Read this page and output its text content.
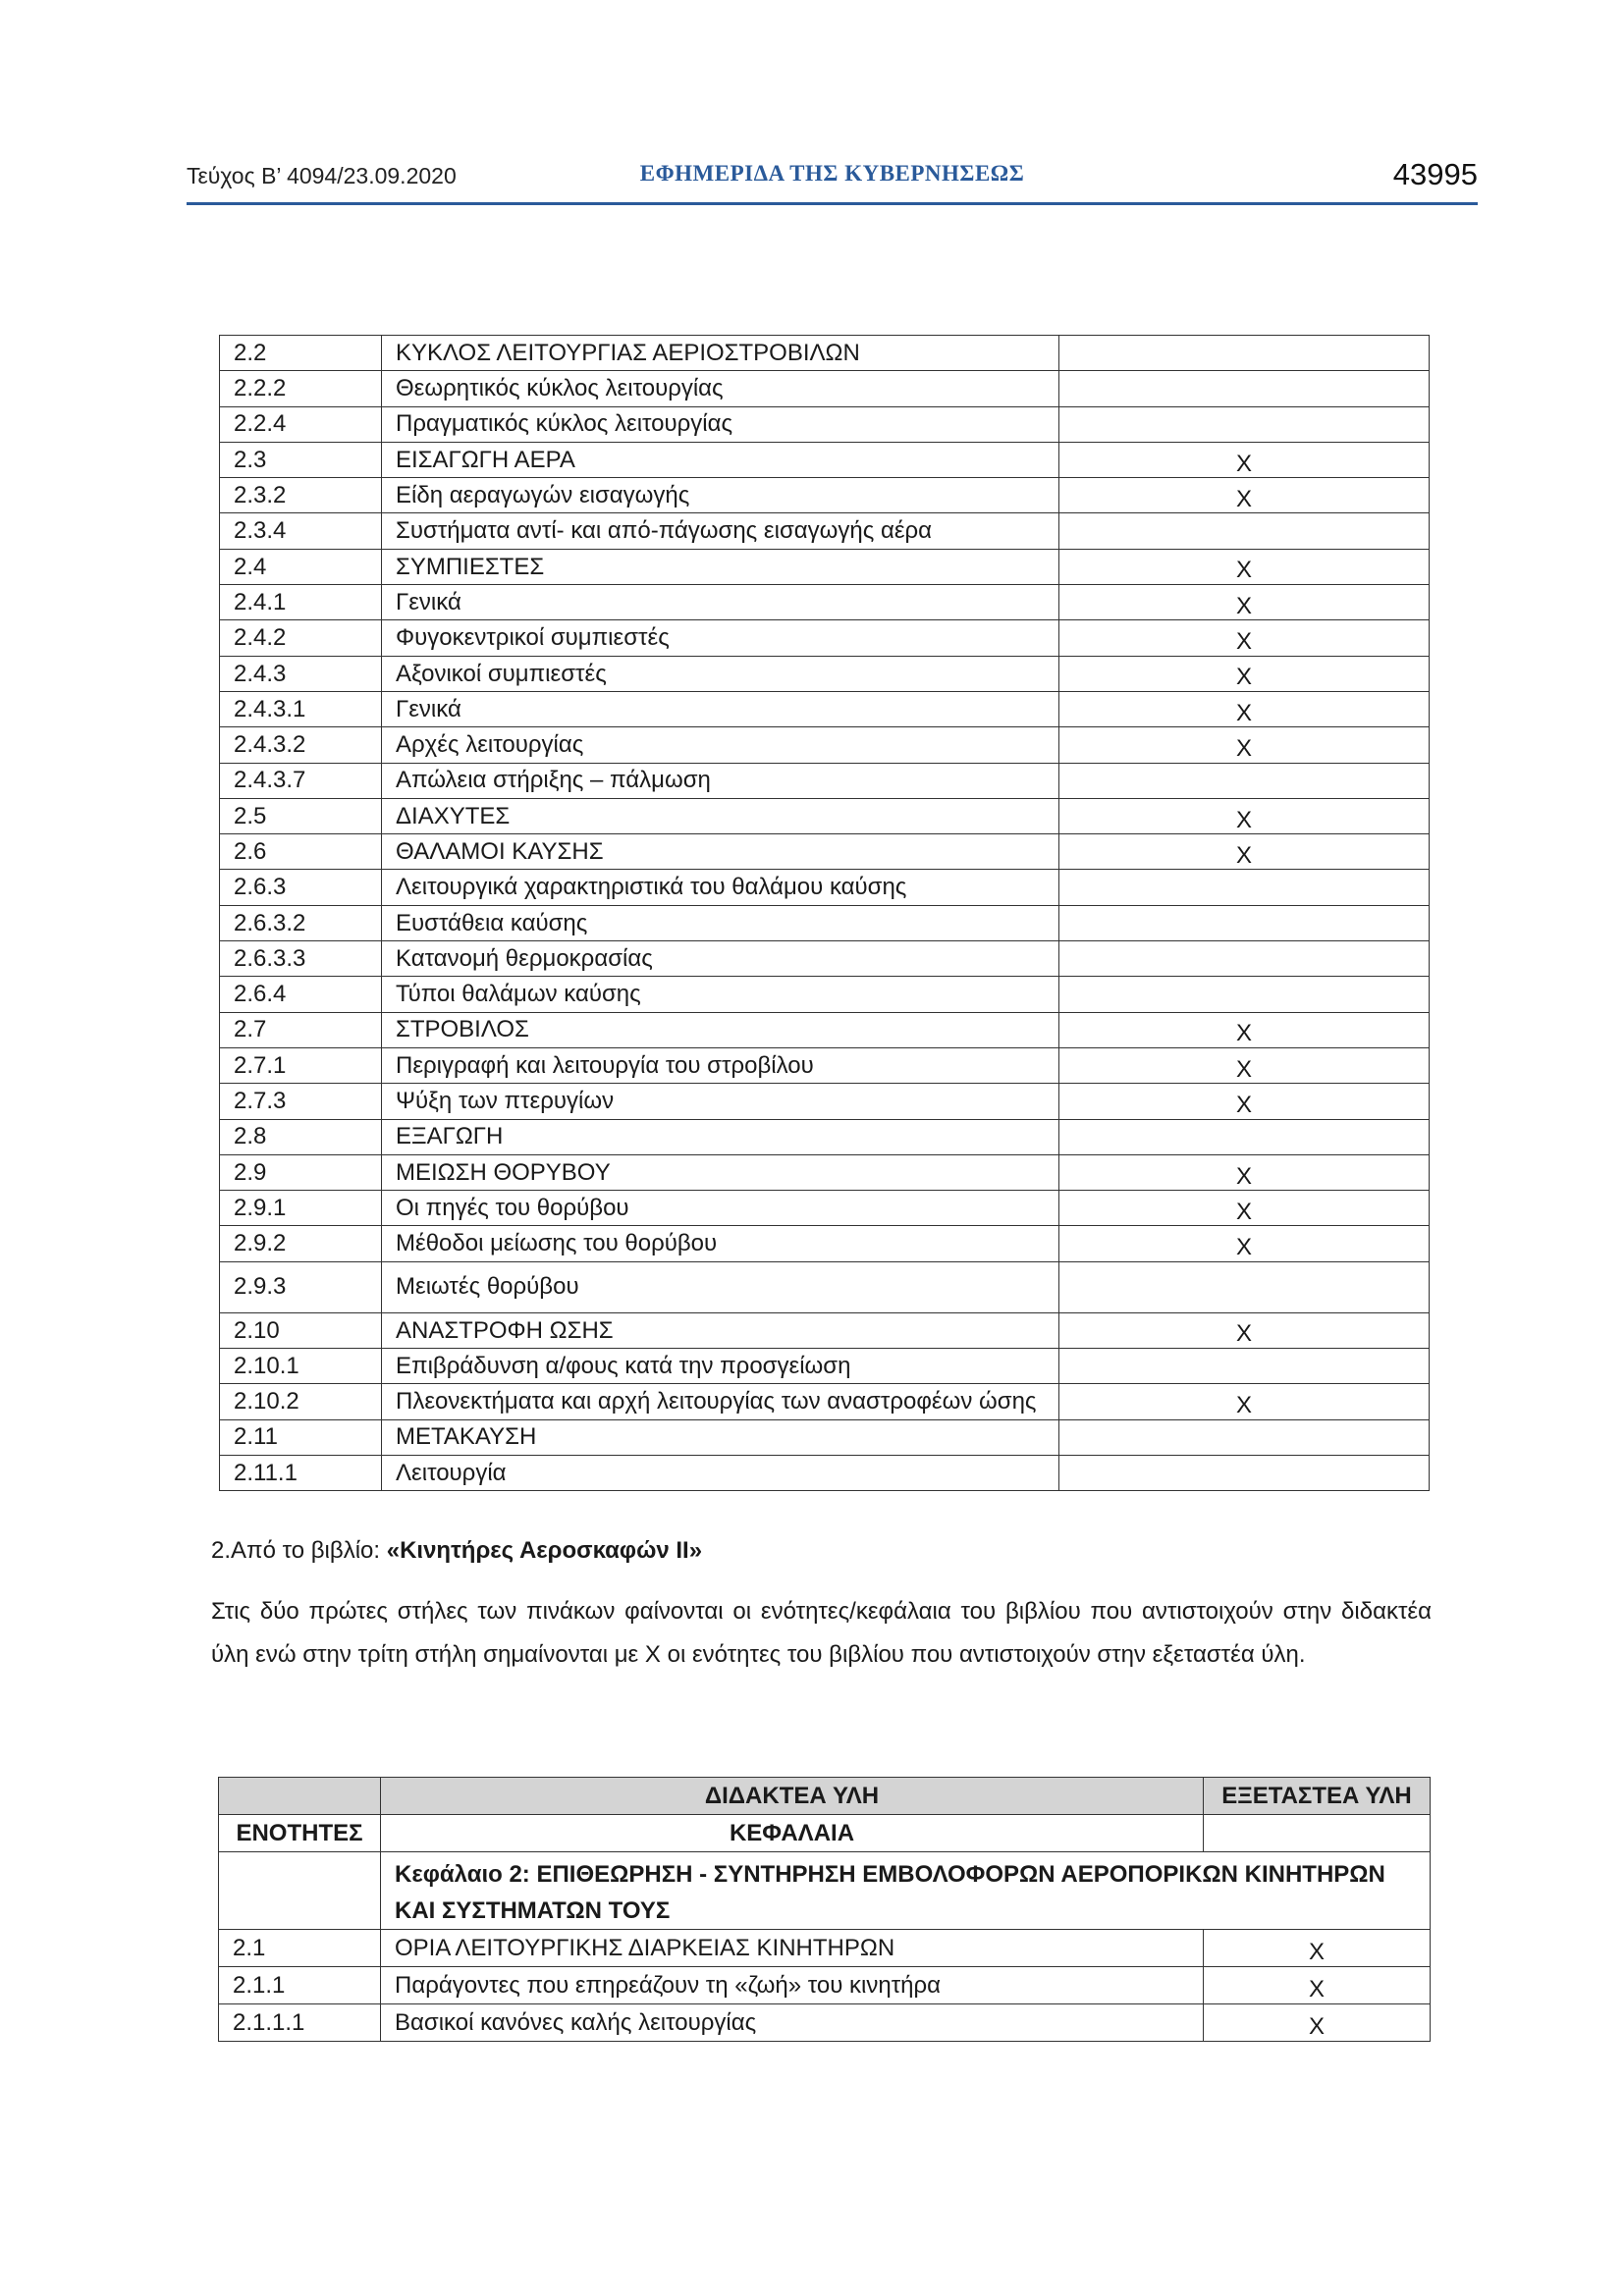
Τεύχος Β’ 4094/23.09.2020	ΕΦΗΜΕΡΙΔΑ ΤΗΣ ΚΥΒΕΡΝΗΣΕΩΣ	43995
2.2	ΚΥΚΛΟΣ ΛΕΙΤΟΥΡΓΙΑΣ ΑΕΡΙΟΣΤΡΟΒΙΛΩΝ	
2.2.2	Θεωρητικός κύκλος λειτουργίας	
2.2.4	Πραγματικός κύκλος λειτουργίας	
2.3	ΕΙΣΑΓΩΓΗ ΑΕΡΑ	Χ
2.3.2	Είδη αεραγωγών εισαγωγής	Χ
2.3.4	Συστήματα αντί- και από-πάγωσης εισαγωγής αέρα	
2.4	ΣΥΜΠΙΕΣΤΕΣ	Χ
2.4.1	Γενικά	Χ
2.4.2	Φυγοκεντρικοί συμπιεστές	Χ
2.4.3	Αξονικοί συμπιεστές	Χ
2.4.3.1	Γενικά	Χ
2.4.3.2	Αρχές λειτουργίας	Χ
2.4.3.7	Απώλεια στήριξης – πάλμωση	
2.5	ΔΙΑΧΥΤΕΣ	Χ
2.6	ΘΑΛΑΜΟΙ ΚΑΥΣΗΣ	Χ
2.6.3	Λειτουργικά χαρακτηριστικά του θαλάμου καύσης	
2.6.3.2	Ευστάθεια καύσης	
2.6.3.3	Κατανομή θερμοκρασίας	
2.6.4	Τύποι θαλάμων καύσης	
2.7	ΣΤΡΟΒΙΛΟΣ	Χ
2.7.1	Περιγραφή και λειτουργία του στροβίλου	Χ
2.7.3	Ψύξη των πτερυγίων	Χ
2.8	ΕΞΑΓΩΓΗ	
2.9	ΜΕΙΩΣΗ ΘΟΡΥΒΟΥ	Χ
2.9.1	Οι πηγές του θορύβου	Χ
2.9.2	Μέθοδοι μείωσης του θορύβου	Χ
2.9.3	Μειωτές θορύβου	
2.10	ΑΝΑΣΤΡΟΦΗ ΩΣΗΣ	Χ
2.10.1	Επιβράδυνση α/φους κατά την προσγείωση	
2.10.2	Πλεονεκτήματα και αρχή λειτουργίας των αναστροφέων ώσης	Χ
2.11	ΜΕΤΑΚΑΥΣΗ	
2.11.1	Λειτουργία	
2.Από το βιβλίο: «Κινητήρες Αεροσκαφών ΙΙ»
Στις δύο πρώτες στήλες των πινάκων φαίνονται οι ενότητες/κεφάλαια του βιβλίου που αντιστοιχούν στην διδακτέα ύλη ενώ στην τρίτη στήλη σημαίνονται με Χ οι ενότητες του βιβλίου που αντιστοιχούν στην εξεταστέα ύλη.
	ΔΙΔΑΚΤΕΑ ΥΛΗ	ΕΞΕΤΑΣΤΕΑ ΥΛΗ
ΕΝΟΤΗΤΕΣ	ΚΕΦΑΛΑΙΑ	
	Κεφάλαιο 2: ΕΠΙΘΕΩΡΗΣΗ - ΣΥΝΤΗΡΗΣΗ ΕΜΒΟΛΟΦΟΡΩΝ ΑΕΡΟΠΟΡΙΚΩΝ ΚΙΝΗΤΗΡΩΝ ΚΑΙ ΣΥΣΤΗΜΑΤΩΝ ΤΟΥΣ	
2.1	ΟΡΙΑ ΛΕΙΤΟΥΡΓΙΚΗΣ ΔΙΑΡΚΕΙΑΣ ΚΙΝΗΤΗΡΩΝ	Χ
2.1.1	Παράγοντες που επηρεάζουν τη «ζωή» του κινητήρα	Χ
2.1.1.1	Βασικοί κανόνες καλής λειτουργίας	Χ
